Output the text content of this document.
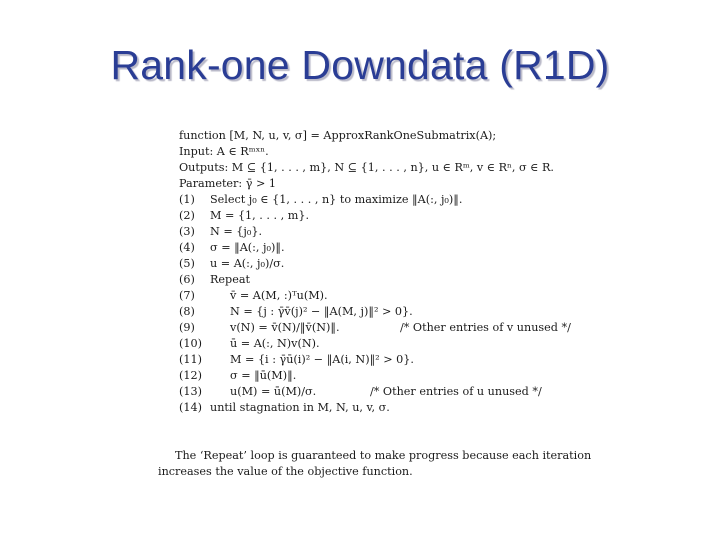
Rank-one Downdata (R1D)
function [M, N, u, v, σ] = ApproxRankOneSubmatrix(A);
Input: A ∈ Rᵐˣⁿ.
Outputs: M ⊆ {1, . . . , m}, N ⊆ {1, . . . , n}, u ∈ Rᵐ, v ∈ Rⁿ, σ ∈ R.
Parameter: γ̄ > 1
(1)	Select j₀ ∈ {1, . . . , n} to maximize ‖A(:, j₀)‖.
(2)	M = {1, . . . , m}.
(3)	N = {j₀}.
(4)	σ = ‖A(:, j₀)‖.
(5)	u = A(:, j₀)/σ.
(6)	Repeat
(7)	v̄ = A(M, :)ᵀu(M).
(8)	N = {j : γ̄v̄(j)² − ‖A(M, j)‖² > 0}.
(9)	v(N) = v̄(N)/‖v̄(N)‖.	/* Other entries of v unused */
(10)	ū = A(:, N)v(N).
(11)	M = {i : γ̄ū(i)² − ‖A(i, N)‖² > 0}.
(12)	σ = ‖ū(M)‖.
(13)	u(M) = ū(M)/σ.	/* Other entries of u unused */
(14) until stagnation in M, N, u, v, σ.
The ‘Repeat’ loop is guaranteed to make progress because each iteration
increases the value of the objective function.
